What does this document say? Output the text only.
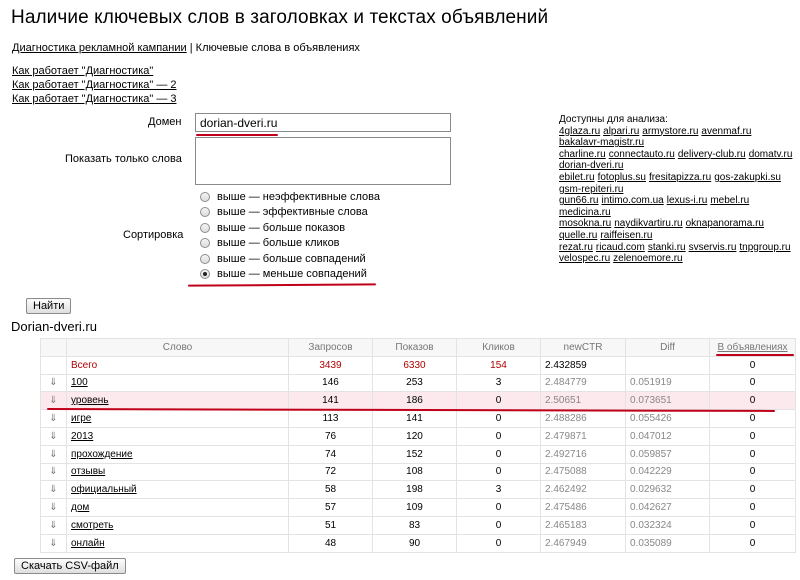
Наличие ключевых слов в заголовках и текстах объявлений
Диагностика рекламной кампании | Ключевые слова в объявлениях
Как работает "Диагностика"
Как работает "Диагностика" — 2
Как работает "Диагностика" — 3
Домен
dorian-dveri.ru
Показать только слова
Сортировка
выше — неэффективные слова
выше — эффективные слова
выше — больше показов
выше — больше кликов
выше — больше совпадений
выше — меньше совпадений
Найти
Доступны для анализа:
4glaza.ru alpari.ru armystore.ru avenmaf.ru
bakalavr-magistr.ru
charline.ru connectauto.ru delivery-club.ru domatv.ru
dorian-dveri.ru
ebilet.ru fotoplus.su fresitapizza.ru gos-zakupki.su
gsm-repiteri.ru
gun66.ru intimo.com.ua lexus-i.ru mebel.ru
medicina.ru
mosokna.ru naydikvartiru.ru oknapanorama.ru
quelle.ru raiffeisen.ru
rezat.ru ricaud.com stanki.ru svservis.ru tnpgroup.ru
velospec.ru zelenoemore.ru
Dorian-dveri.ru
	Слово	Запросов	Показов	Кликов	newCTR	Diff	В объявлениях
	Всего	3439	6330	154	2.432859		0
⇓	100	146	253	3	2.484779	0.051919	0
⇓	уровень	141	186	0	2.50651	0.073651	0
⇓	игре	113	141	0	2.488286	0.055426	0
⇓	2013	76	120	0	2.479871	0.047012	0
⇓	прохождение	74	152	0	2.492716	0.059857	0
⇓	отзывы	72	108	0	2.475088	0.042229	0
⇓	официальный	58	198	3	2.462492	0.029632	0
⇓	дом	57	109	0	2.475486	0.042627	0
⇓	смотреть	51	83	0	2.465183	0.032324	0
⇓	онлайн	48	90	0	2.467949	0.035089	0
Скачать CSV-файл
